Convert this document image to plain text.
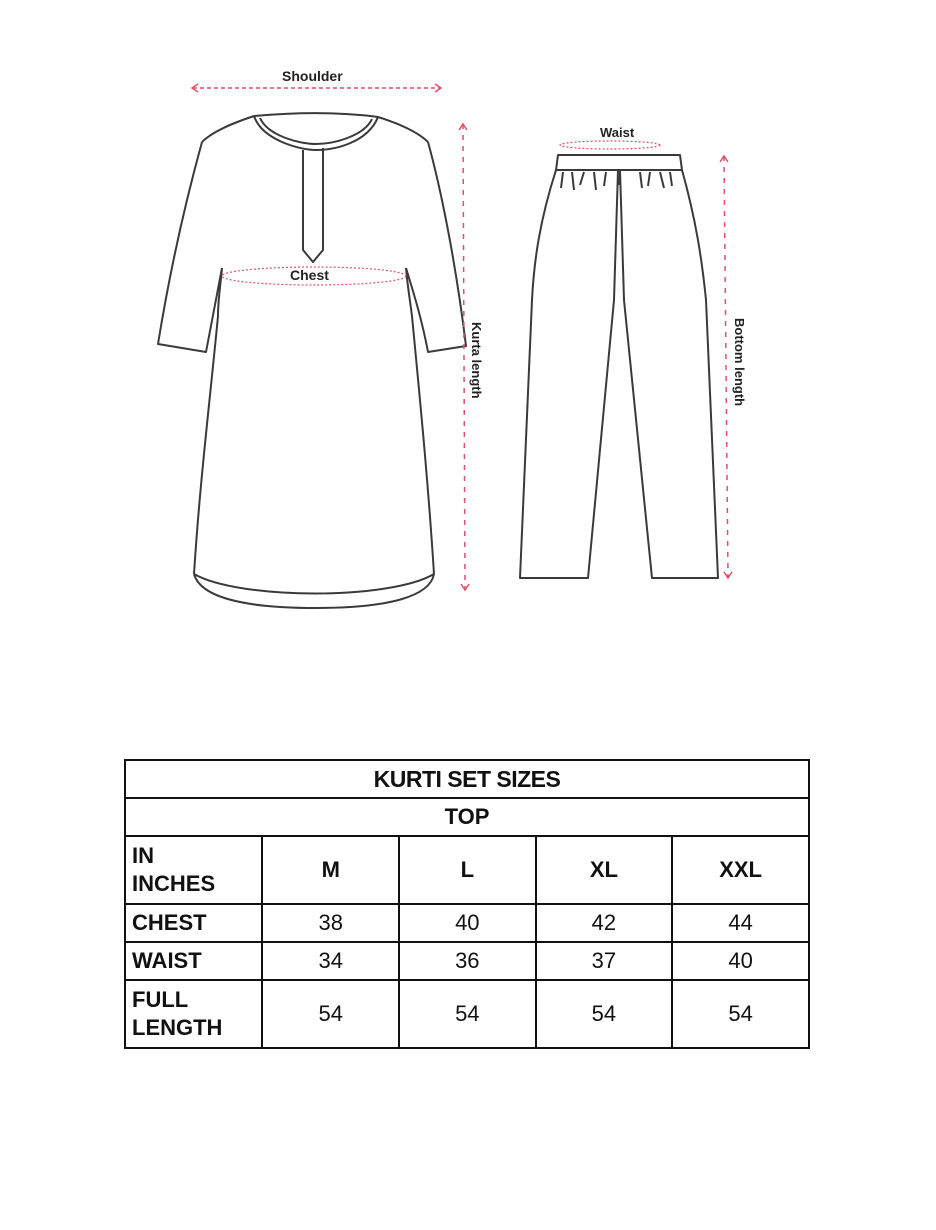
Shoulder
Chest
Waist
Kurta length	Bottom length
KURTI SET SIZES				
TOP				
IN
INCHES	M	L	XL	XXL
CHEST	38	40	42	44
WAIST	34	36	37	40
FULL
LENGTH	54	54	54	54
